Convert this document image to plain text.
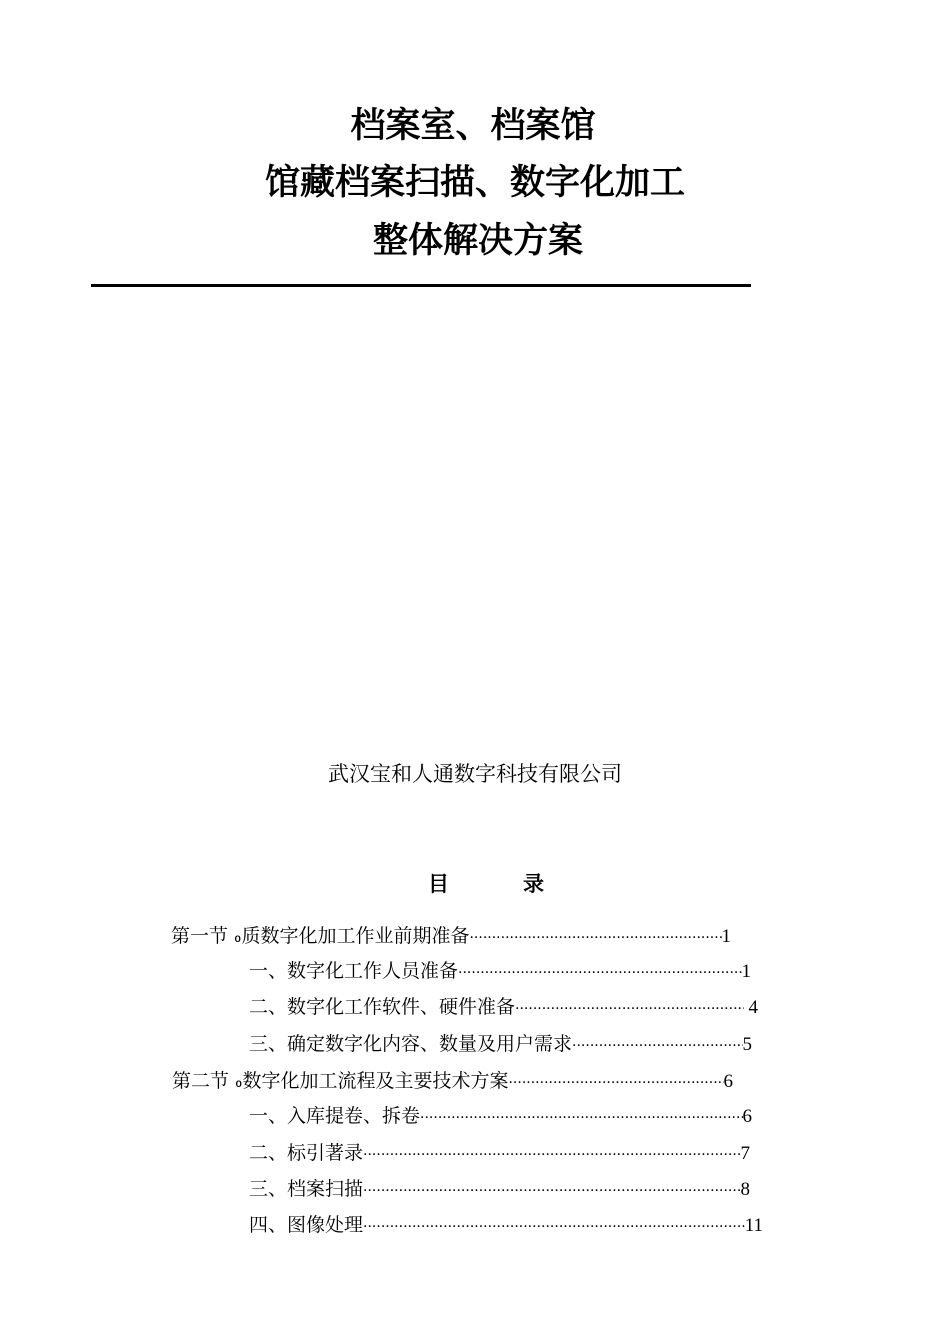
档案室、档案馆
馆藏档案扫描、数字化加工
整体解决方案
武汉宝和人通数字科技有限公司
目	录
第一节 ៰质数字化加工作业前期准备 ·····	1
一、数字化工作人员准备 ·····	1
二、数字化工作软件、硬件准备 ·····	4
三、确定数字化内容、数量及用户需求 ·····	5
第二节 ៰数字化加工流程及主要技术方案 ·····	6
一、入库提卷、拆卷 ·····	6
二、标引著录 ·····	7
三、档案扫描 ·····	8
四、图像处理 ·····	11
